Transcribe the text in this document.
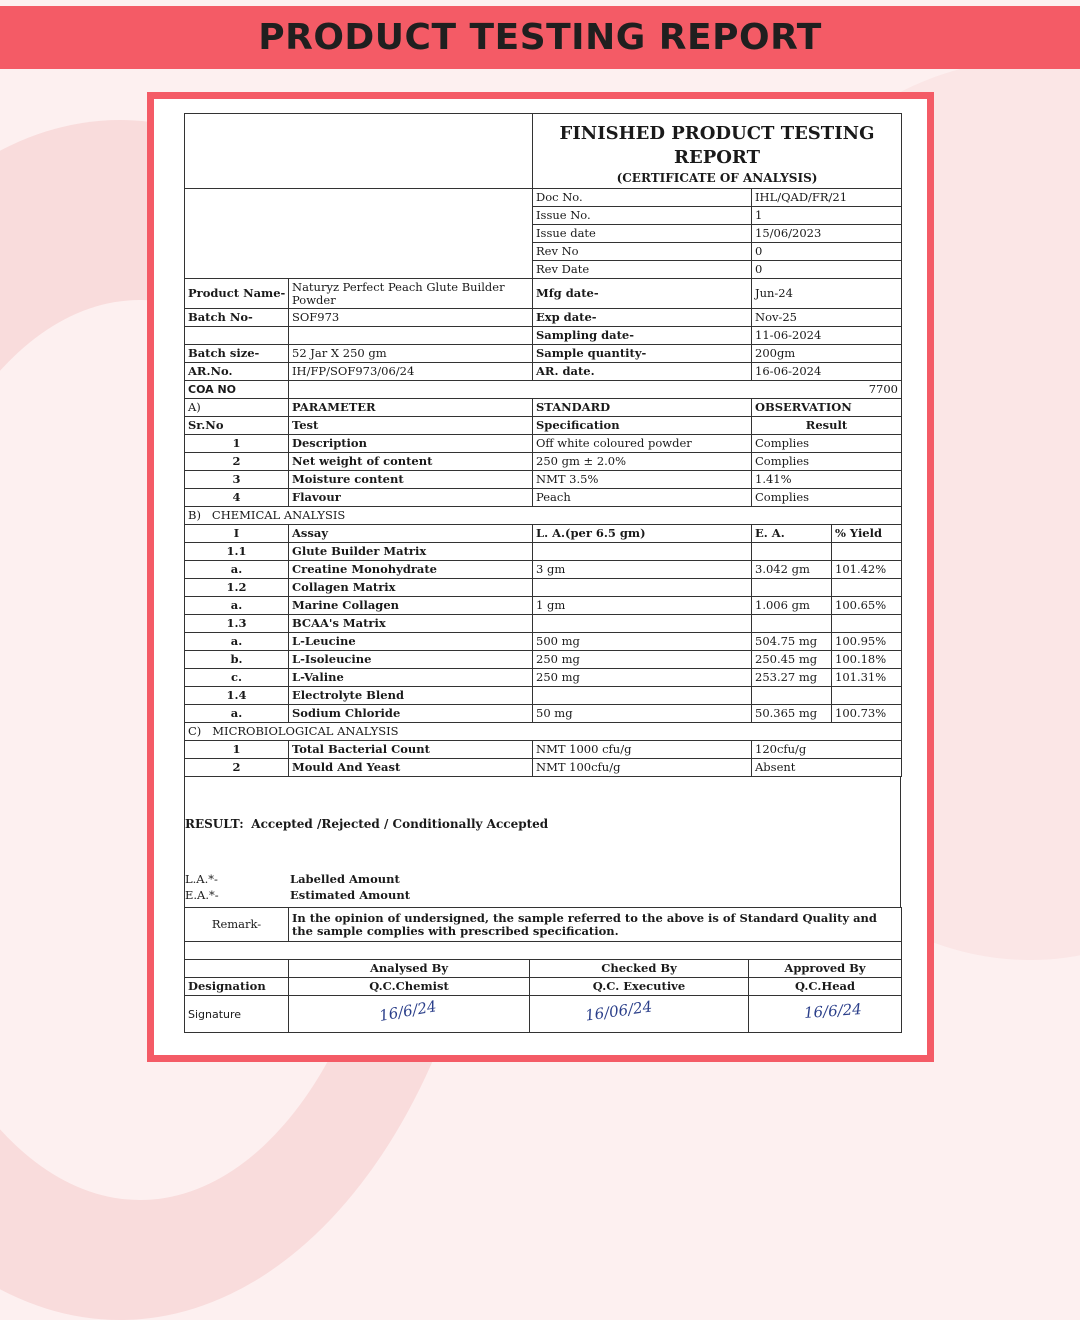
PRODUCT TESTING REPORT
	FINISHED PRODUCT TESTING
REPORT
(CERTIFICATE OF ANALYSIS)	

	Doc No.	IHL/QAD/FR/21
	Issue No.	1
	Issue date	15/06/2023
	Rev No	0
	Rev Date	0
Product Name-	Naturyz Perfect Peach Glute Builder Powder	Mfg date-	Jun-24
Batch No-	SOF973	Exp date-	Nov-25
		Sampling date-	11-06-2024
Batch size-	52 Jar X 250 gm	Sample quantity-	200gm
AR.No.	IH/FP/SOF973/06/24	AR. date.	16-06-2024
COA NO	7700		
A)	PARAMETER	STANDARD	OBSERVATION
Sr.No	Test	Specification	Result
1	Description	Off white coloured powder	Complies
2	Net weight of content	250 gm ± 2.0%	Complies
3	Moisture content	NMT 3.5%	1.41%
4	Flavour	Peach	Complies
B) CHEMICAL ANALYSIS				
I	Assay	L. A.(per 6.5 gm)	E. A.	% Yield
1.1	Glute Builder Matrix			
a.	Creatine Monohydrate	3 gm	3.042 gm	101.42%
1.2	Collagen Matrix			
a.	Marine Collagen	1 gm	1.006 gm	100.65%
1.3	BCAA's Matrix			
a.	L-Leucine	500 mg	504.75 mg	100.95%
b.	L-Isoleucine	250 mg	250.45 mg	100.18%
c.	L-Valine	250 mg	253.27 mg	101.31%
1.4	Electrolyte Blend			
a.	Sodium Chloride	50 mg	50.365 mg	100.73%
C) MICROBIOLOGICAL ANALYSIS			
1	Total Bacterial Count	NMT 1000 cfu/g	120cfu/g
2	Mould And Yeast	NMT 100cfu/g	Absent
RESULT: Accepted /Rejected / Conditionally Accepted
L.A.*-	Labelled Amount
E.A.*-	Estimated Amount
Remark-	In the opinion of undersigned, the sample referred to the above is of Standard Quality and the sample complies with prescribed specification.

	Analysed By	Checked By	Approved By
Designation	Q.C.Chemist	Q.C. Executive	Q.C.Head
Signature	16/6/24	16/06/24	16/6/24
